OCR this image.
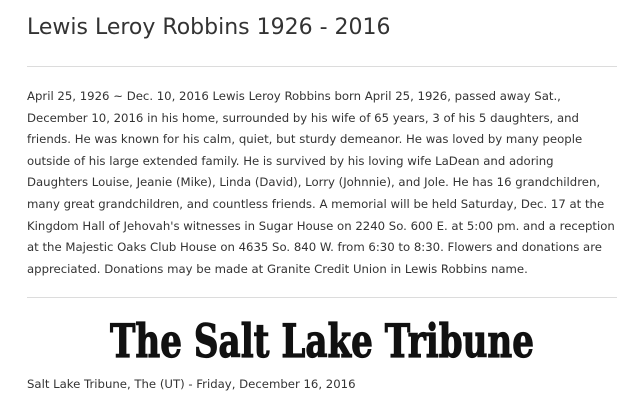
Lewis Leroy Robbins 1926 - 2016

April 25, 1926 ~ Dec. 10, 2016 Lewis Leroy Robbins born April 25, 1926, passed away Sat., December 10, 2016 in his home, surrounded by his wife of 65 years, 3 of his 5 daughters, and friends. He was known for his calm, quiet, but sturdy demeanor. He was loved by many people outside of his large extended family. He is survived by his loving wife LaDean and adoring Daughters Louise, Jeanie (Mike), Linda (David), Lorry (Johnnie), and Jole. He has 16 grandchildren, many great grandchildren, and countless friends. A memorial will be held Saturday, Dec. 17 at the Kingdom Hall of Jehovah's witnesses in Sugar House on 2240 So. 600 E. at 5:00 pm. and a reception at the Majestic Oaks Club House on 4635 So. 840 W. from 6:30 to 8:30. Flowers and donations are appreciated. Donations may be made at Granite Credit Union in Lewis Robbins name.

The Salt Lake Tribune

Salt Lake Tribune, The (UT) - Friday, December 16, 2016
